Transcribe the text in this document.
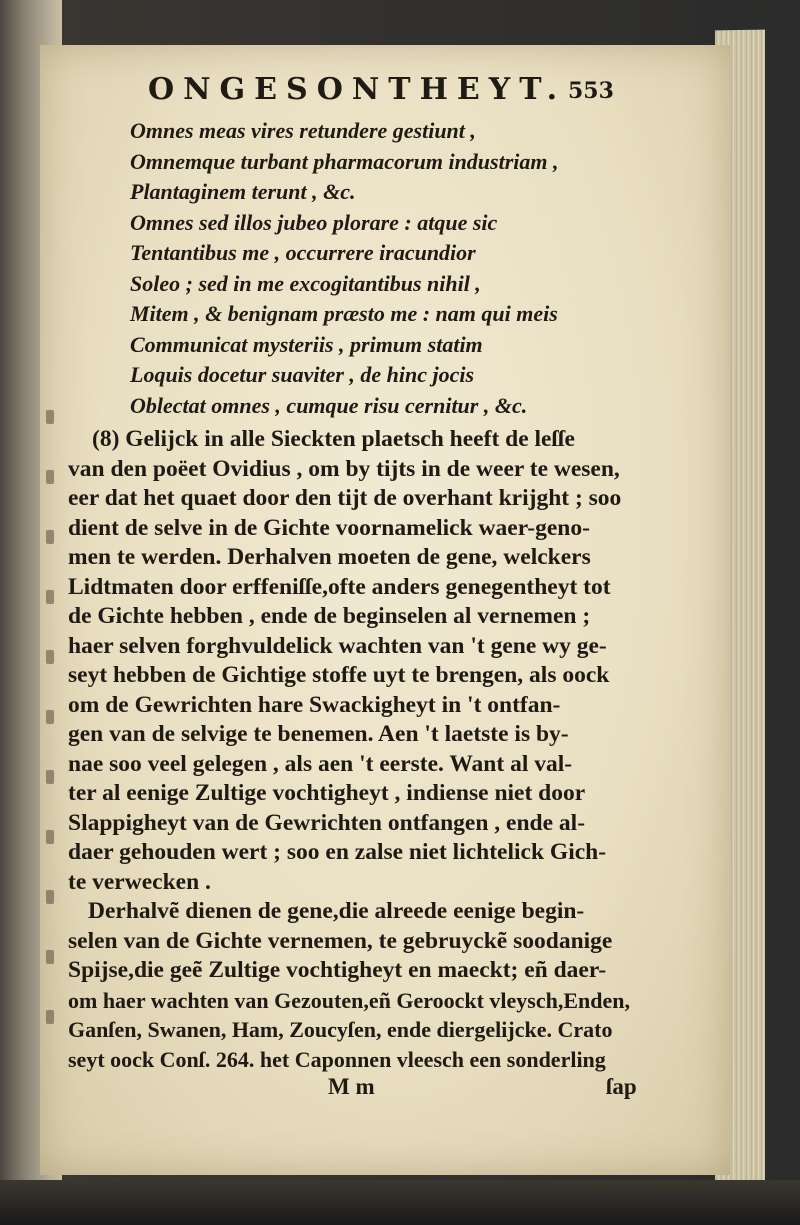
ONGESONTHEYT. 553

Omnes meas vires retundere gestiunt ,

Omnemque turbant pharmacorum industriam ,

Plantaginem terunt , &c.

Omnes sed illos jubeo plorare : atque sic

Tentantibus me , occurrere iracundior

Soleo ; sed in me excogitantibus nihil ,

Mitem , & benignam præsto me : nam qui meis

Communicat mysteriis , primum statim

Loquis docetur suaviter , de hinc jocis

Oblectat omnes , cumque risu cernitur , &c.

(8) Gelijck in alle Sieckten plaetsch heeft de leſſe

van den poëet Ovidius , om by tijts in de weer te wesen,

eer dat het quaet door den tijt de overhant krijght ; soo

dient de selve in de Gichte voornamelick waer-geno-

men te werden. Derhalven moeten de gene, welckers

Lidtmaten door erffeniſſe,ofte anders genegentheyt tot

de Gichte hebben , ende de beginselen al vernemen ;

haer selven forghvuldelick wachten van 't gene wy ge-

seyt hebben de Gichtige stoffe uyt te brengen, als oock

om de Gewrichten hare Swackigheyt in 't ontfan-

gen van de selvige te benemen. Aen 't laetste is by-

nae soo veel gelegen , als aen 't eerste. Want al val-

ter al eenige Zultige vochtigheyt , indiense niet door

Slappigheyt van de Gewrichten ontfangen , ende al-

daer gehouden wert ; soo en zalse niet lichtelick Gich-

te verwecken .

Derhalvẽ dienen de gene,die alreede eenige begin-

selen van de Gichte vernemen, te gebruyckẽ soodanige

Spijse,die geẽ Zultige vochtigheyt en maeckt; eñ daer-

om haer wachten van Gezouten,eñ Geroockt vleysch,Enden,

Ganſen, Swanen, Ham, Zoucyſen, ende diergelijcke. Crato

seyt oock Conſ. 264. het Caponnen vleesch een sonderling

M m	ſap
